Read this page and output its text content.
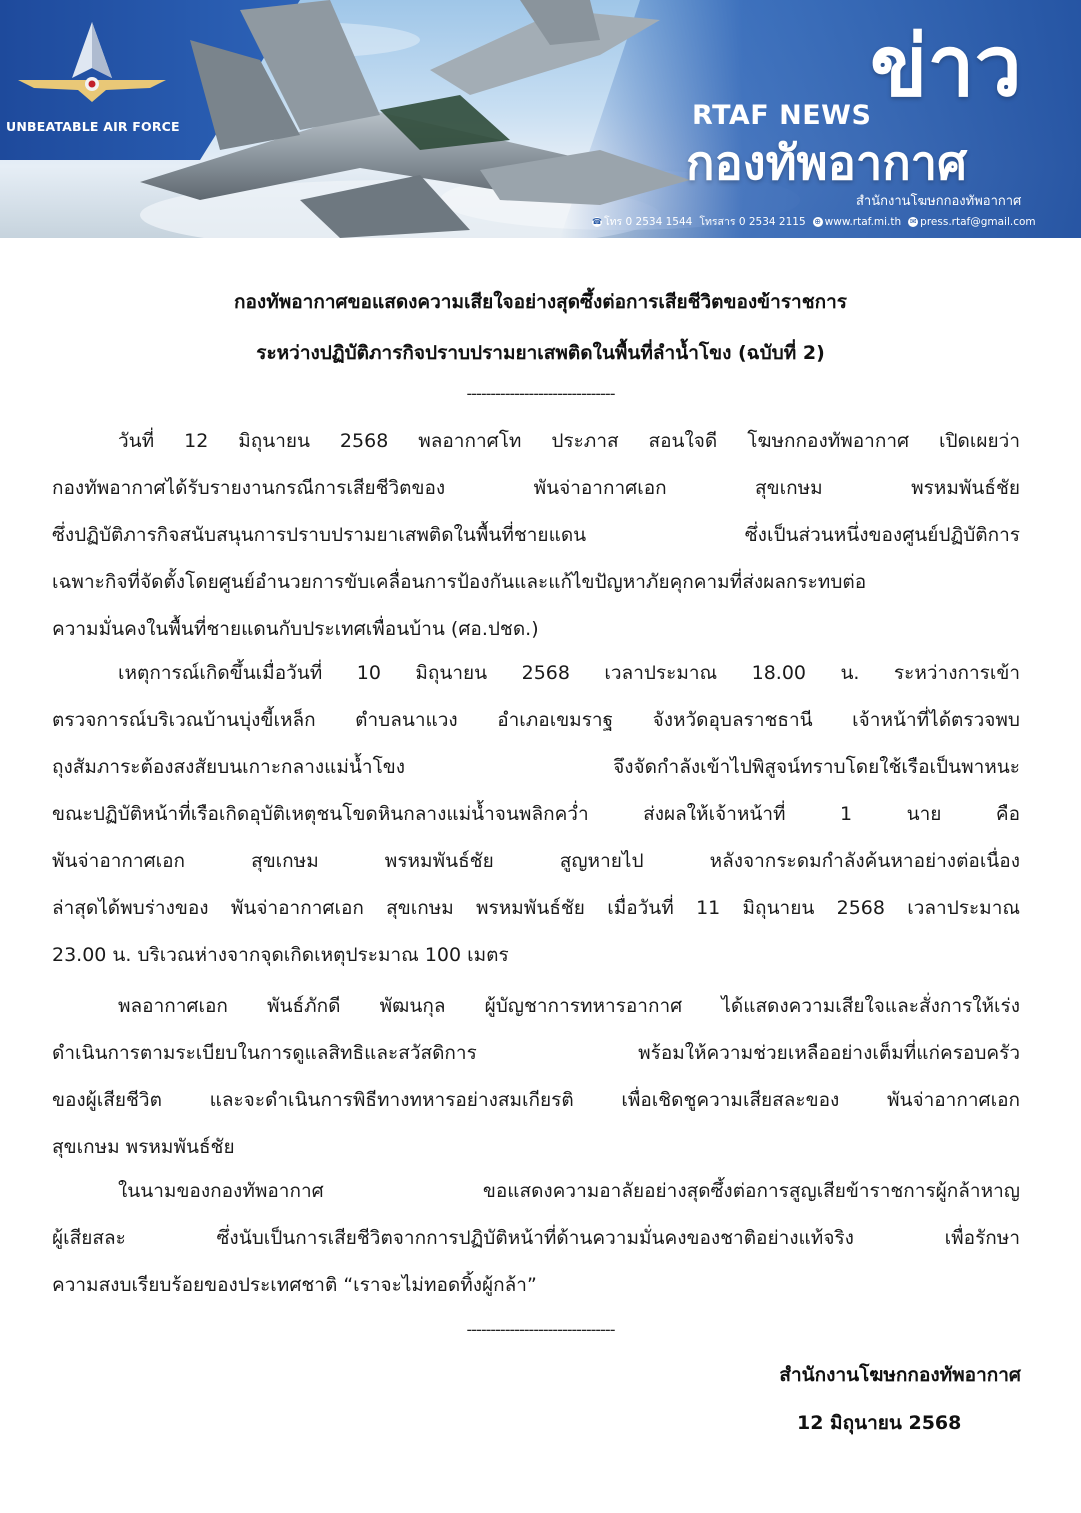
UNBEATABLE AIR FORCE	RTAF NEWS
ข่าว
กองทัพอากาศ
สำนักงานโฆษกกองทัพอากาศ
☎ โทร 0 2534 1544 โทรสาร 0 2534 2115 ⊕ www.rtaf.mi.th ✉ press.rtaf@gmail.com
กองทัพอากาศขอแสดงความเสียใจอย่างสุดซึ้งต่อการเสียชีวิตของข้าราชการ
ระหว่างปฏิบัติภารกิจปราบปรามยาเสพติดในพื้นที่ลำน้ำโขง (ฉบับที่ 2)
-------------------------------
วันที่ 12 มิถุนายน 2568 พลอากาศโท ประภาส สอนใจดี โฆษกกองทัพอากาศ เปิดเผยว่า
กองทัพอากาศได้รับรายงานกรณีการเสียชีวิตของ พันจ่าอากาศเอก สุขเกษม พรหมพันธ์ชัย
ซึ่งปฏิบัติภารกิจสนับสนุนการปราบปรามยาเสพติดในพื้นที่ชายแดน ซึ่งเป็นส่วนหนึ่งของศูนย์ปฏิบัติการ
เฉพาะกิจที่จัดตั้งโดยศูนย์อำนวยการขับเคลื่อนการป้องกันและแก้ไขปัญหาภัยคุกคามที่ส่งผลกระทบต่อ
ความมั่นคงในพื้นที่ชายแดนกับประเทศเพื่อนบ้าน (ศอ.ปชด.)
เหตุการณ์เกิดขึ้นเมื่อวันที่ 10 มิถุนายน 2568 เวลาประมาณ 18.00 น. ระหว่างการเข้า
ตรวจการณ์บริเวณบ้านบุ่งขี้เหล็ก ตำบลนาแวง อำเภอเขมราฐ จังหวัดอุบลราชธานี เจ้าหน้าที่ได้ตรวจพบ
ถุงสัมภาระต้องสงสัยบนเกาะกลางแม่น้ำโขง จึงจัดกำลังเข้าไปพิสูจน์ทราบโดยใช้เรือเป็นพาหนะ
ขณะปฏิบัติหน้าที่เรือเกิดอุบัติเหตุชนโขดหินกลางแม่น้ำจนพลิกคว่ำ ส่งผลให้เจ้าหน้าที่ 1 นาย คือ
พันจ่าอากาศเอก สุขเกษม พรหมพันธ์ชัย สูญหายไป หลังจากระดมกำลังค้นหาอย่างต่อเนื่อง
ล่าสุดได้พบร่างของ พันจ่าอากาศเอก สุขเกษม พรหมพันธ์ชัย เมื่อวันที่ 11 มิถุนายน 2568 เวลาประมาณ
23.00 น. บริเวณห่างจากจุดเกิดเหตุประมาณ 100 เมตร
พลอากาศเอก พันธ์ภักดี พัฒนกุล ผู้บัญชาการทหารอากาศ ได้แสดงความเสียใจและสั่งการให้เร่ง
ดำเนินการตามระเบียบในการดูแลสิทธิและสวัสดิการ พร้อมให้ความช่วยเหลืออย่างเต็มที่แก่ครอบครัว
ของผู้เสียชีวิต และจะดำเนินการพิธีทางทหารอย่างสมเกียรติ เพื่อเชิดชูความเสียสละของ พันจ่าอากาศเอก
สุขเกษม พรหมพันธ์ชัย
ในนามของกองทัพอากาศ ขอแสดงความอาลัยอย่างสุดซึ้งต่อการสูญเสียข้าราชการผู้กล้าหาญ
ผู้เสียสละ ซึ่งนับเป็นการเสียชีวิตจากการปฏิบัติหน้าที่ด้านความมั่นคงของชาติอย่างแท้จริง เพื่อรักษา
ความสงบเรียบร้อยของประเทศชาติ “เราจะไม่ทอดทิ้งผู้กล้า”
-------------------------------
สำนักงานโฆษกกองทัพอากาศ
12 มิถุนายน 2568
